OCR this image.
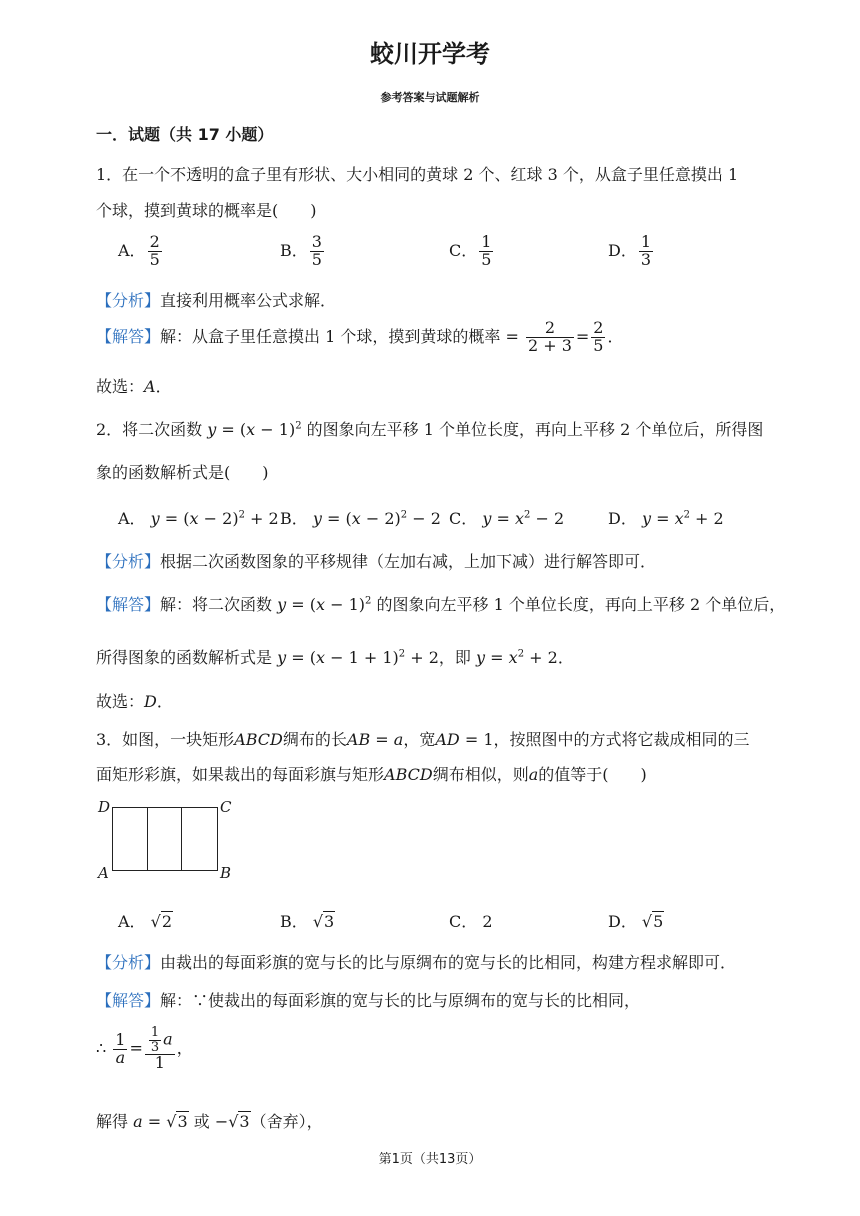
蛟川开学考
参考答案与试题解析
一．试题（共 17 小题）
1．在一个不透明的盒子里有形状、大小相同的黄球 2 个、红球 3 个，从盒子里任意摸出 1
个球，摸到黄球的概率是(　　)
A． $\frac{2}{5}$	B． $\frac{3}{5}$	C． $\frac{1}{5}$	D． $\frac{1}{3}$
【分析】直接利用概率公式求解．
【解答】解：从盒子里任意摸出 1 个球，摸到黄球的概率 = $\frac{2}{2 + 3} = \frac{2}{5}$ ．
故选：A．
2．将二次函数 $y = (x - 1)^2$ 的图象向左平移 1 个单位长度，再向上平移 2 个单位后，所得图
象的函数解析式是(　　)
A． $y = (x - 2)^2 + 2$ B． $y = (x - 2)^2 - 2$ C． $y = x^2 - 2$	D． $y = x^2 + 2$
【分析】根据二次函数图象的平移规律（左加右减，上加下减）进行解答即可．
【解答】解：将二次函数 $y = (x - 1)^2$ 的图象向左平移 1 个单位长度，再向上平移 2 个单位后，
所得图象的函数解析式是 $y = (x - 1 + 1)^2 + 2$，即 $y = x^2 + 2$．
故选：D．
3．如图，一块矩形ABCD绸布的长AB = a，宽AD = 1，按照图中的方式将它裁成相同的三
面矩形彩旗，如果裁出的每面彩旗与矩形ABCD绸布相似，则a的值等于(　　)
D	C
A	B
A． √2	B． √3	C． 2	D． √5
【分析】由裁出的每面彩旗的宽与长的比与原绸布的宽与长的比相同，构建方程求解即可．
【解答】解：∵使裁出的每面彩旗的宽与长的比与原绸布的宽与长的比相同，
∴ $\frac{1}{a} = \frac{\frac{1}{3} a}{1}$ ，
解得 a = √3 或 −√3（舍弃），
第1页（共13页）
